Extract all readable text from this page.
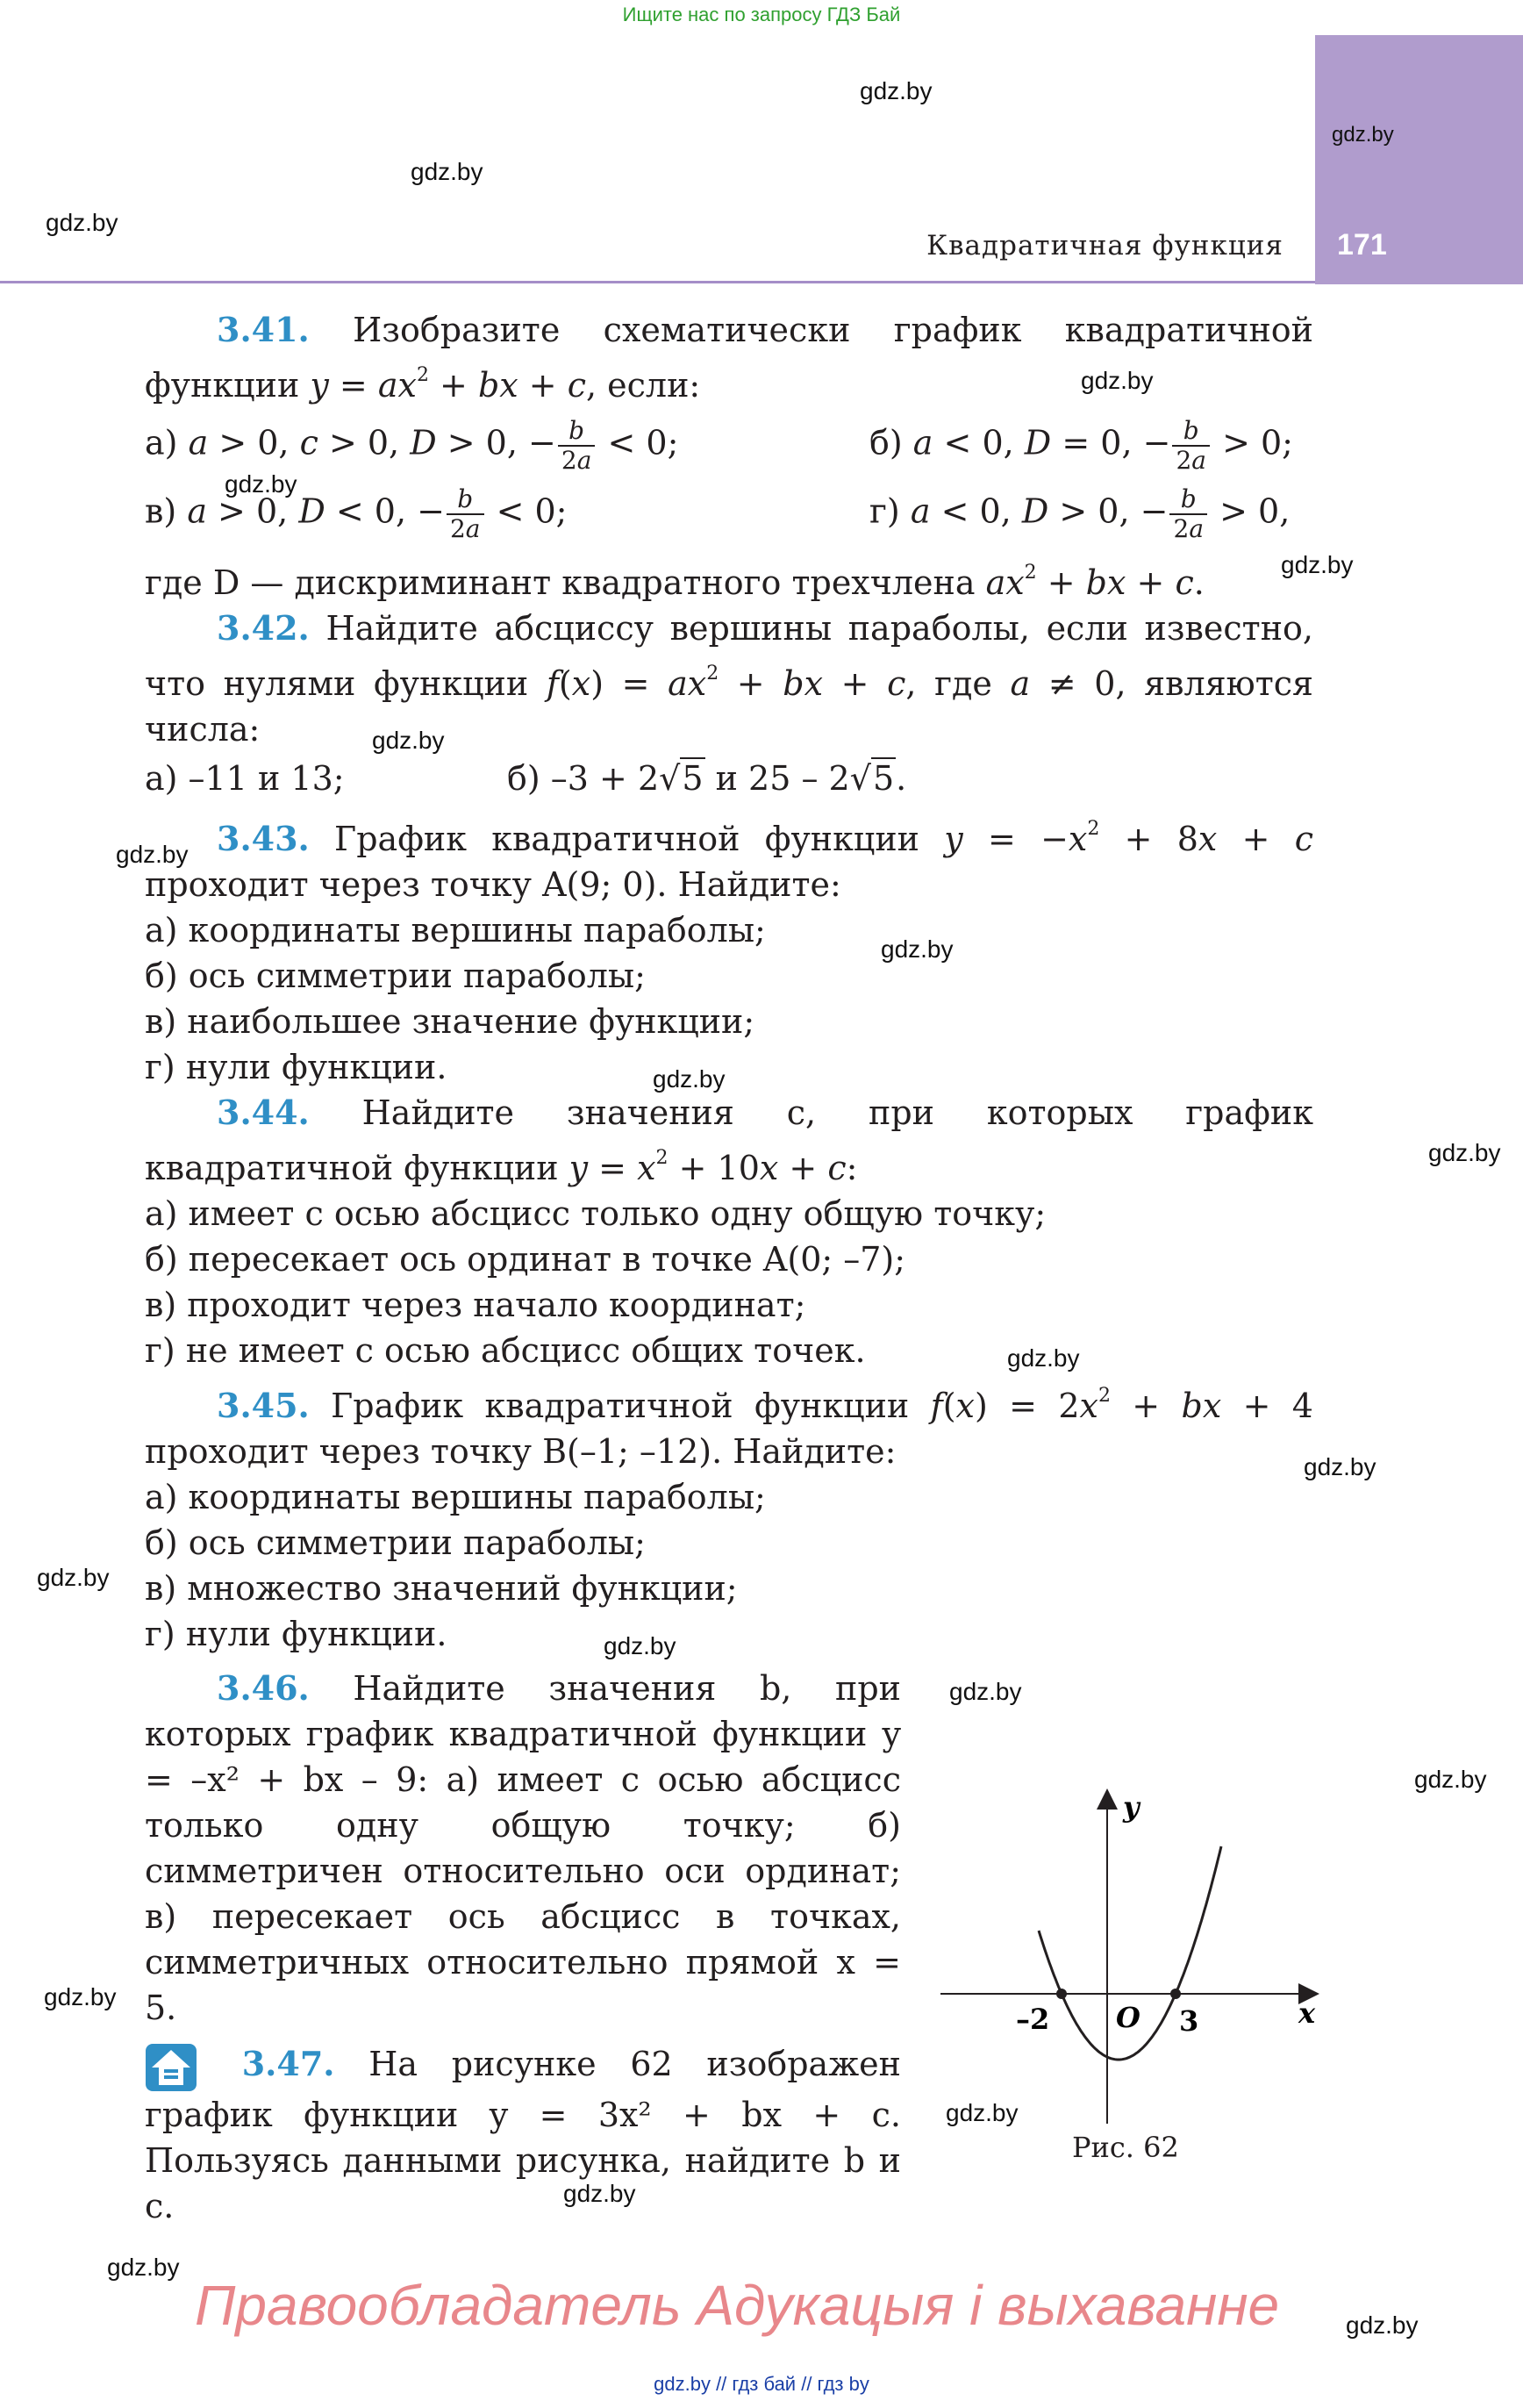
Ищите нас по запросу ГДЗ Бай
171
Квадратичная функция
gdz.by
gdz.by
gdz.by
gdz.by
gdz.by
gdz.by
gdz.by
gdz.by
gdz.by
gdz.by
gdz.by
gdz.by
gdz.by
gdz.by
gdz.by
gdz.by
gdz.by
gdz.by
gdz.by
gdz.by
gdz.by
gdz.by
gdz.by

3.41. Изобразите схематически график квадратичной функции $y = ax^2$ + bx + c, если:

а) a > 0, c > 0, D > 0, − $\frac{b}{2a} < 0$;	б) a < 0, D = 0, − $\frac{b}{2a} > 0$;
в) a > 0, D < 0, − $\frac{b}{2a} < 0$;	г) a < 0, D > 0, − $\frac{b}{2a} > 0$,

где D — дискриминант квадратного трехчлена $ax^2$ + bx + c.

3.42. Найдите абсциссу вершины параболы, если известно, что нулями функции $f(x) = ax^2$ + bx + c, где a ≠ 0, являются числа:

а) –11 и 13;	б) –3 + 2√5 и 25 – 2√5.

3.43. График квадратичной функции $y = -x^2 + 8x + c$ проходит через точку A(9; 0). Найдите:

а) координаты вершины параболы;

б) ось симметрии параболы;

в) наибольшее значение функции;

г) нули функции.

3.44. Найдите значения c, при которых график квадратичной функции $y = x^2 + 10x + c$:

а) имеет с осью абсцисс только одну общую точку;

б) пересекает ось ординат в точке A(0; –7);

в) проходит через начало координат;

г) не имеет с осью абсцисс общих точек.

3.45. График квадратичной функции $f(x) = 2x^2$ + bx + 4 проходит через точку B(–1; –12). Найдите:

а) координаты вершины параболы;

б) ось симметрии параболы;

в) множество значений функции;

г) нули функции.

3.46. Найдите значения b, при которых график квадратичной функции y = –x² + bx – 9: а) имеет с осью абсцисс только одну общую точку; б) симметричен относительно оси ординат; в) пересекает ось абсцисс в точках, симметричных относительно прямой x = 5.

3.47. На рисунке 62 изображен график функции y = 3x² + bx + c. Пользуясь данными рисунка, найдите b и c.

y
x
O
–2	3
Рис. 62
Правообладатель Адукацыя і выхаванне
gdz.by // гдз бай // гдз by
